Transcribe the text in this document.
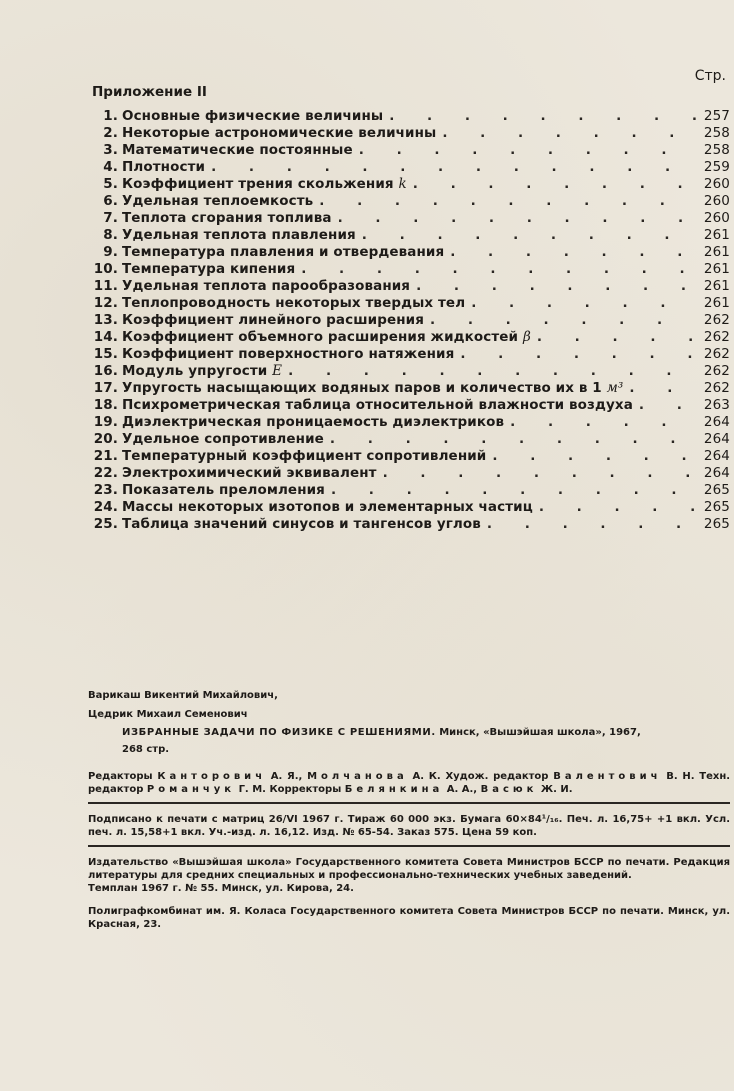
Стр.
Приложение II
1. Основные физические величины . . .	257
2. Некоторые астрономические величины . . .	258
3. Математические постоянные . . .	258
4. Плотности . . .	259
5. Коэффициент трения скольжения k . . .	260
6. Удельная теплоемкость . . .	260
7. Теплота сгорания топлива . . .	260
8. Удельная теплота плавления . . .	261
9. Температура плавления и отвердевания . . .	261
10. Температура кипения . . .	261
11. Удельная теплота парообразования . . .	261
12. Теплопроводность некоторых твердых тел . . .	261
13. Коэффициент линейного расширения . . .	262
14. Коэффициент объемного расширения жидкостей β . . .	262
15. Коэффициент поверхностного натяжения . . .	262
16. Модуль упругости E . . .	262
17. Упругость насыщающих водяных паров и количество их в 1 м³ . . .	262
18. Психрометрическая таблица относительной влажности воздуха . . .	263
19. Диэлектрическая проницаемость диэлектриков . . .	264
20. Удельное сопротивление . . .	264
21. Температурный коэффициент сопротивлений . . .	264
22. Электрохимический эквивалент . . .	264
23. Показатель преломления . . .	265
24. Массы некоторых изотопов и элементарных частиц . . .	265
25. Таблица значений синусов и тангенсов углов . . .	265
Варикаш Викентий Михайлович,
Цедрик Михаил Семенович
ИЗБРАННЫЕ ЗАДАЧИ ПО ФИЗИКЕ С РЕШЕНИЯМИ. Минск, «Вышэйшая школа», 1967,
268 стр.
Редакторы Канторович А. Я., Молчанова А. К. Худож. редактор Валентович В. Н. Техн. редактор Романчук Г. М. Корректоры Белянкина А. А., Васюк Ж. И.
Подписано к печати с матриц 26/VI 1967 г. Тираж 60 000 экз. Бумага 60×84¹/₁₆. Печ. л. 16,75+ +1 вкл. Усл. печ. л. 15,58+1 вкл. Уч.-изд. л. 16,12. Изд. № 65-54. Заказ 575. Цена 59 коп.
Издательство «Вышэйшая школа» Государственного комитета Совета Министров БССР по печати. Редакция литературы для средних специальных и профессионально-технических учебных заведений.
Темплан 1967 г. № 55. Минск, ул. Кирова, 24.
Полиграфкомбинат им. Я. Коласа Государственного комитета Совета Министров БССР по печати. Минск, ул. Красная, 23.
